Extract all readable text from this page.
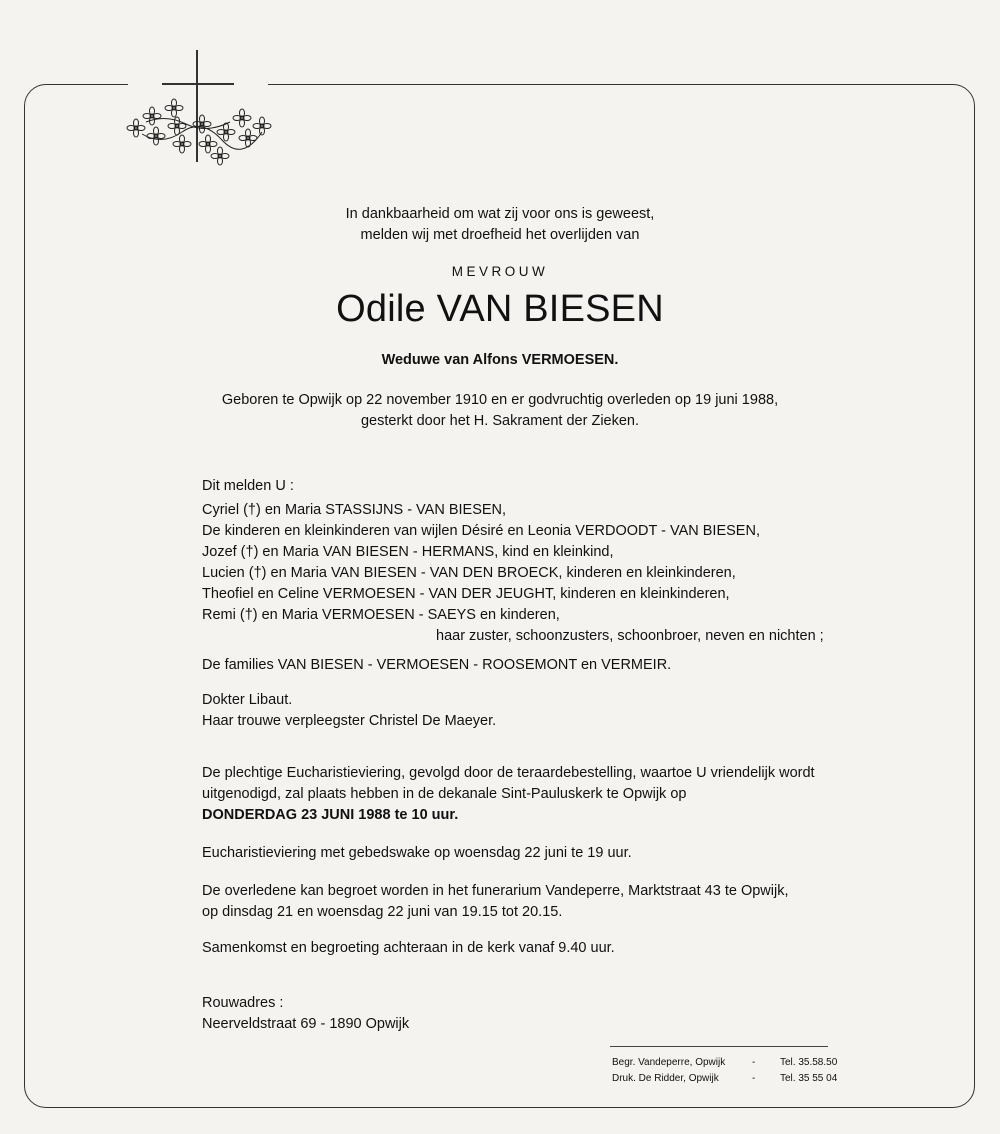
In dankbaarheid om wat zij voor ons is geweest,
melden wij met droefheid het overlijden van
MEVROUW
Odile VAN BIESEN
Weduwe van Alfons VERMOESEN.
Geboren te Opwijk op 22 november 1910 en er godvruchtig overleden op 19 juni 1988,
gesterkt door het H. Sakrament der Zieken.
Dit melden U :
Cyriel (†) en Maria STASSIJNS - VAN BIESEN,
De kinderen en kleinkinderen van wijlen Désiré en Leonia VERDOODT - VAN BIESEN,
Jozef (†) en Maria VAN BIESEN - HERMANS, kind en kleinkind,
Lucien (†) en Maria VAN BIESEN - VAN DEN BROECK, kinderen en kleinkinderen,
Theofiel en Celine VERMOESEN - VAN DER JEUGHT, kinderen en kleinkinderen,
Remi (†) en Maria VERMOESEN - SAEYS en kinderen,
haar zuster, schoonzusters, schoonbroer, neven en nichten ;
De families VAN BIESEN - VERMOESEN - ROOSEMONT en VERMEIR.
Dokter Libaut.
Haar trouwe verpleegster Christel De Maeyer.
De plechtige Eucharistieviering, gevolgd door de teraardebestelling, waartoe U vriendelijk wordt
uitgenodigd, zal plaats hebben in de dekanale Sint-Pauluskerk te Opwijk op
DONDERDAG 23 JUNI 1988 te 10 uur.
Eucharistieviering met gebedswake op woensdag 22 juni te 19 uur.
De overledene kan begroet worden in het funerarium Vandeperre, Marktstraat 43 te Opwijk,
op dinsdag 21 en woensdag 22 juni van 19.15 tot 20.15.
Samenkomst en begroeting achteraan in de kerk vanaf 9.40 uur.
Rouwadres :
Neerveldstraat 69 - 1890 Opwijk
Begr. Vandeperre, Opwijk	-	Tel. 35.58.50
Druk. De Ridder, Opwijk	-	Tel. 35 55 04
